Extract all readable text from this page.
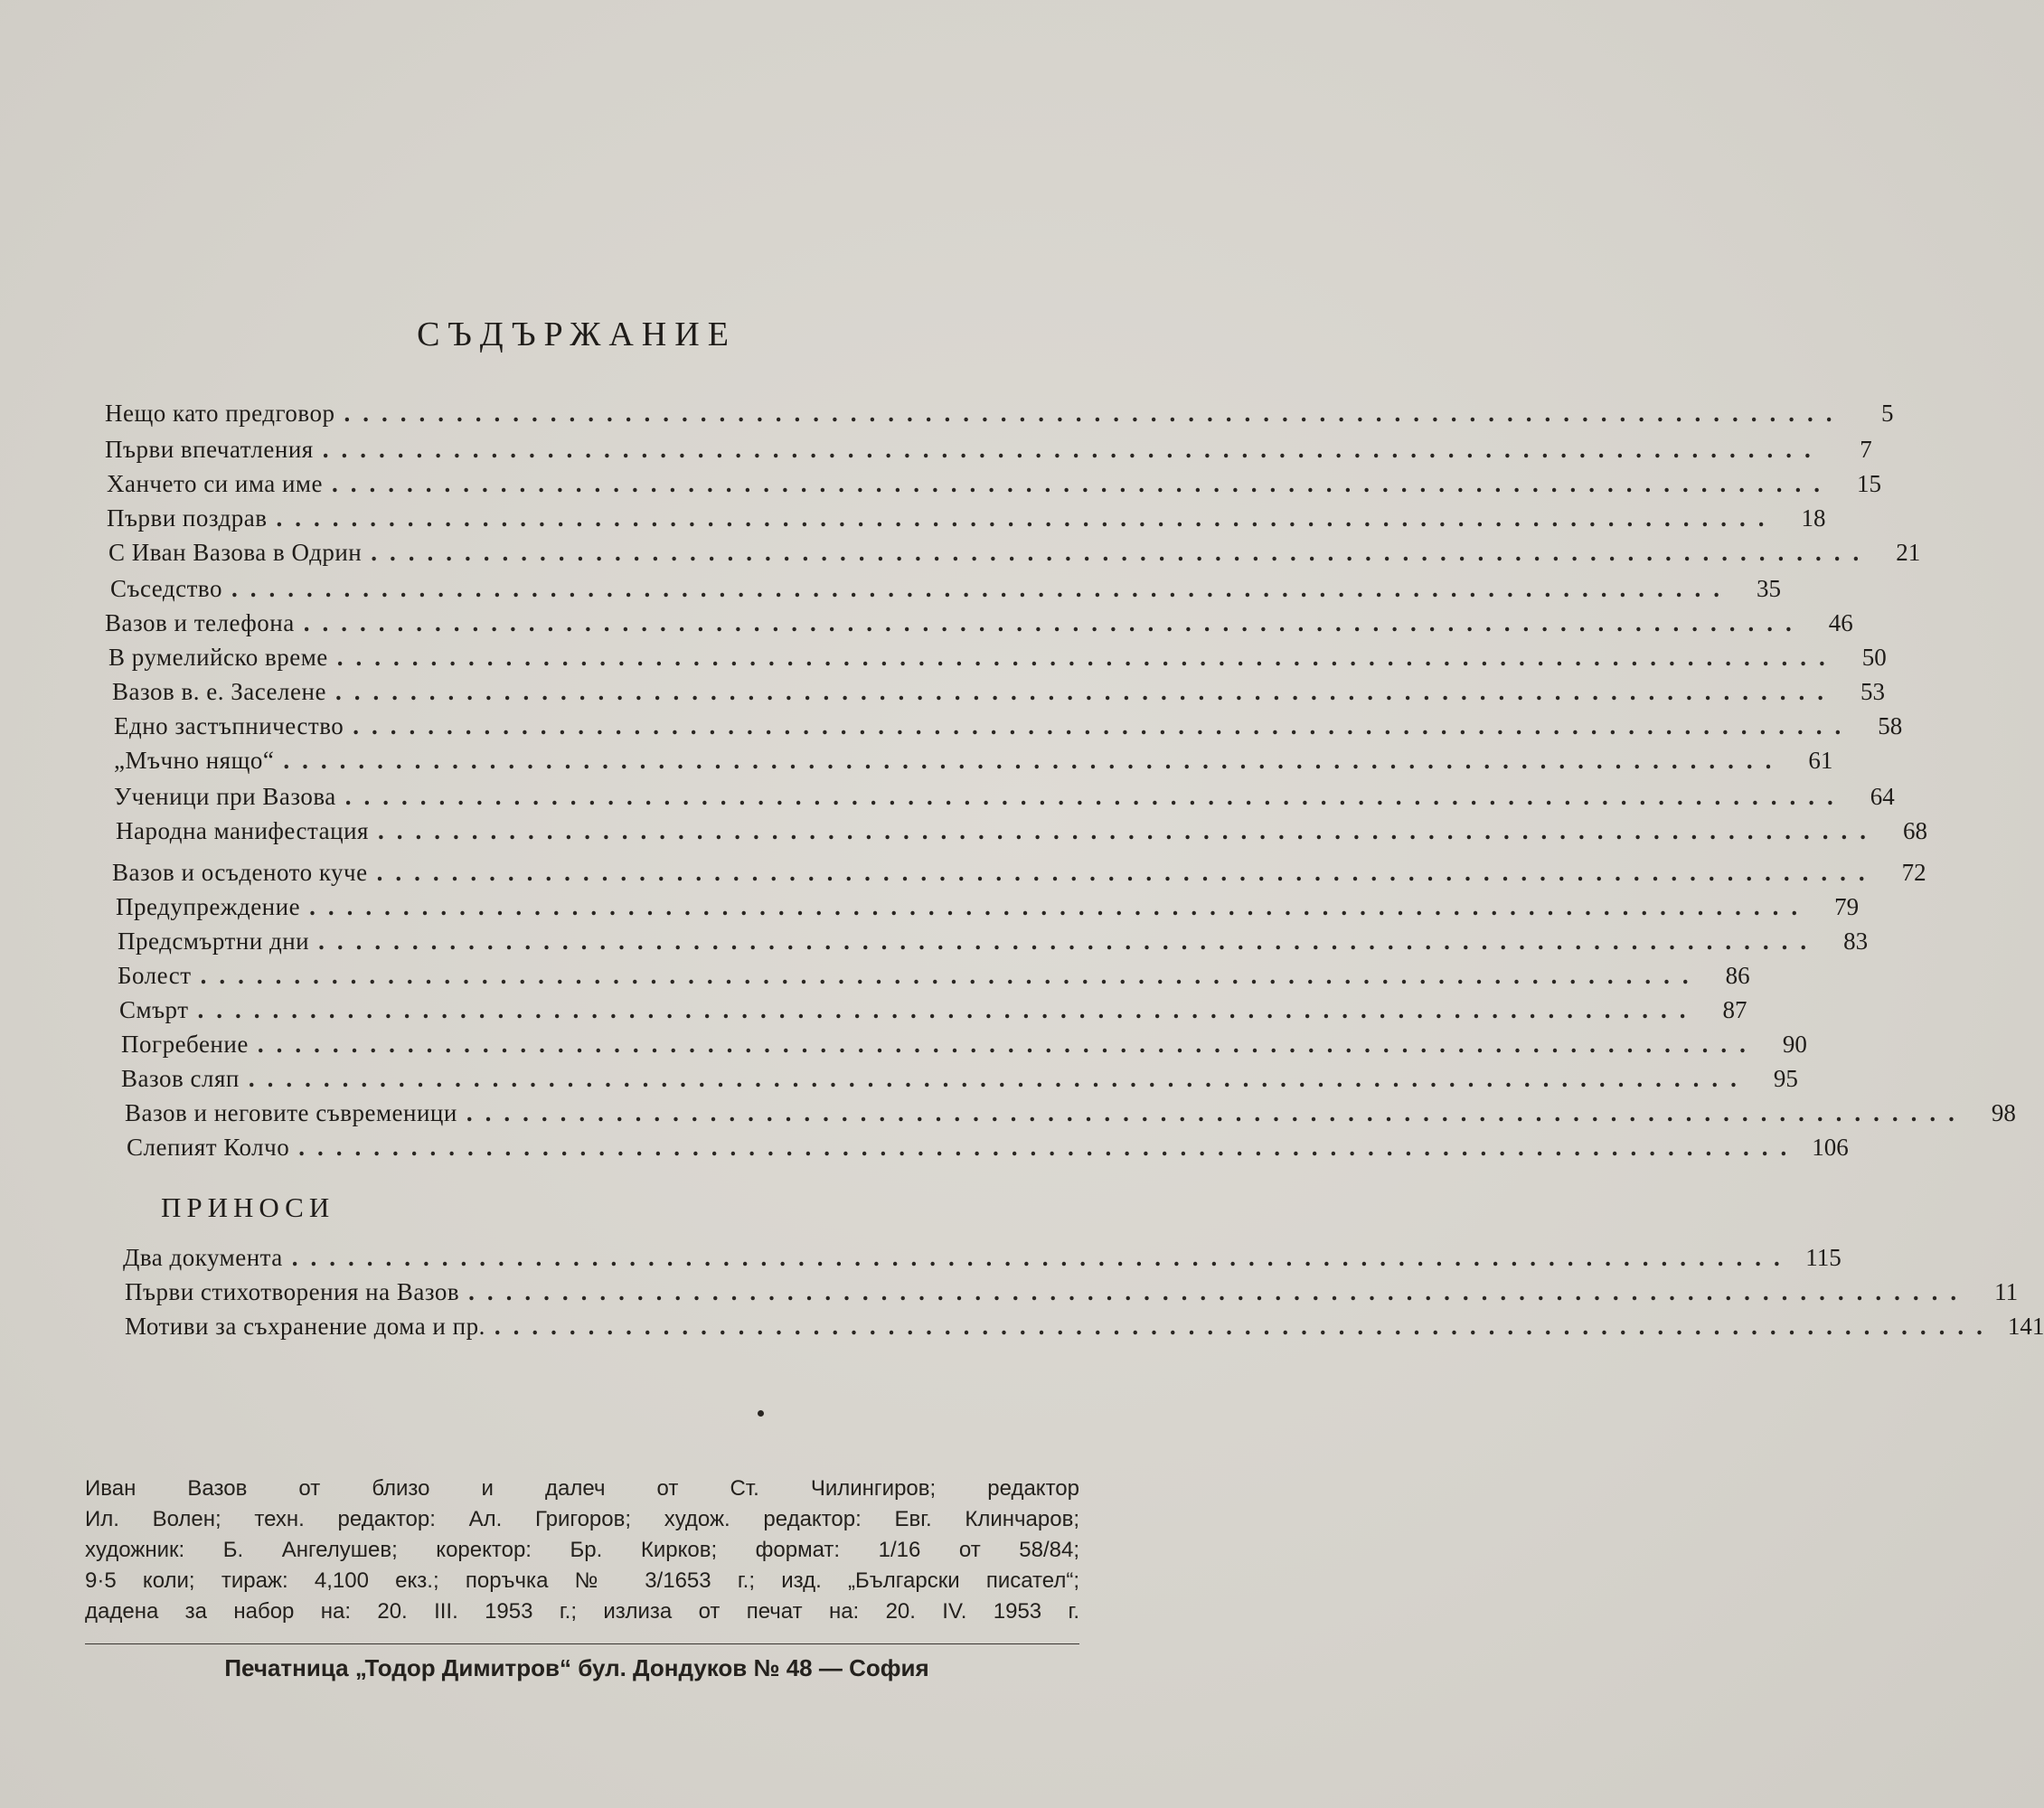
СЪДЪРЖАНИЕ
Нещо като предговор ................................................................................	5
Първи впечатления ................................................................................	7
Ханчето си има име ................................................................................	15
Първи поздрав ................................................................................	18
С Иван Вазова в Одрин ................................................................................	21
Съседство ................................................................................	35
Вазов и телефона ................................................................................	46
В румелийско време ................................................................................	50
Вазов в. е. Заселене ................................................................................	53
Едно застъпничество ................................................................................	58
„Мъчно нящо“ ................................................................................	61
Ученици при Вазова ................................................................................	64
Народна манифестация ................................................................................	68
Вазов и осъденото куче ................................................................................	72
Предупреждение ................................................................................	79
Предсмъртни дни ................................................................................	83
Болест ................................................................................	86
Смърт ................................................................................	87
Погребение ................................................................................	90
Вазов сляп ................................................................................	95
Вазов и неговите съвременици ................................................................................	98
Слепият Колчо ................................................................................ 106
ПРИНОСИ
Два документа ................................................................................ 115
Първи стихотворения на Вазов ................................................................................	11
Мотиви за съхранение дома и пр. ................................................................................ 141
Иван Вазов от близо и далеч от Ст. Чилингиров; редактор
Ил. Волен; техн. редактор: Ал. Григоров; худож. редактор: Евг. Клинчаров;
художник: Б. Ангелушев; коректор: Бр. Кирков; формат: 1/16 от 58/84;
9·5 коли; тираж: 4,100 екз.; поръчка № 3/1653 г.; изд. „Български писател“;
дадена за набор на: 20. III. 1953 г.; излиза от печат на: 20. IV. 1953 г.
Печатница „Тодор Димитров“ бул. Дондуков № 48 — София
